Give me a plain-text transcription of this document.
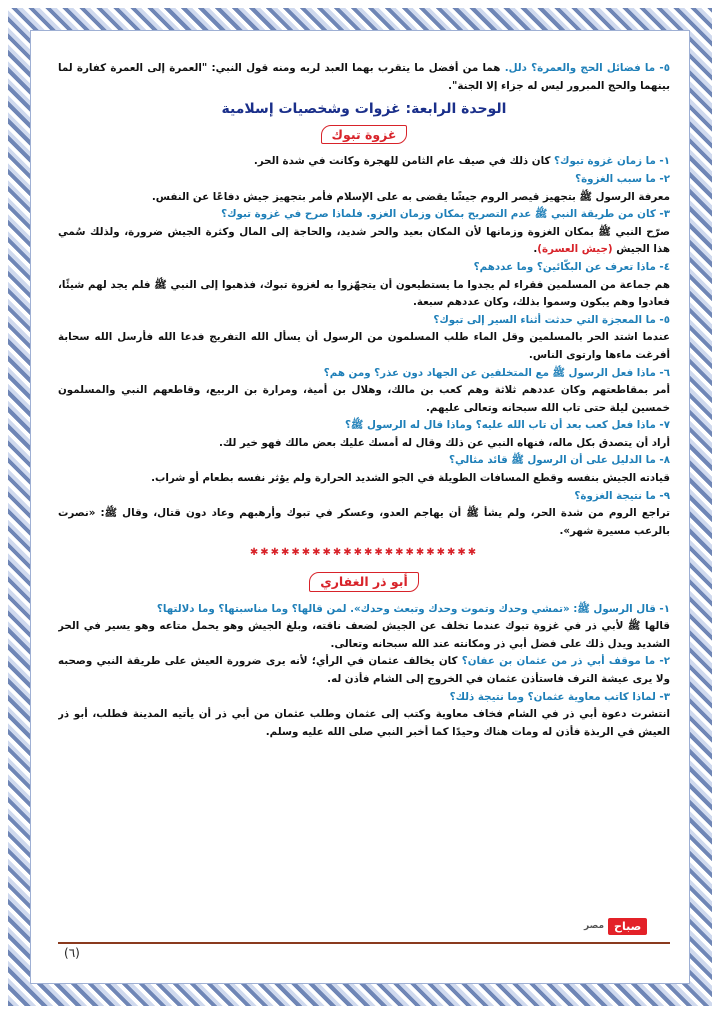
٥- ما فضائل الحج والعمرة؟ دلل. هما من أفضل ما يتقرب بهما العبد لربه ومنه قول النبي: "العمرة إلى العمرة كفارة لما بينهما والحج المبرور ليس له جزاء إلا الجنة".

الوحدة الرابعة: غزوات وشخصيات إسلامية
غزوة تبوك

١- ما زمان غزوة تبوك؟ كان ذلك في صيف عام الثامن للهجرة وكانت في شدة الحر.

٢- ما سبب الغزوة؟

معرفة الرسول ﷺ بتجهيز قيصر الروم جيشًا يقضى به على الإسلام فأمر بتجهيز جيش دفاعًا عن النفس.

٣- كان من طريقة النبي ﷺ عدم التصريح بمكان وزمان الغزو. فلماذا صرح في غزوة تبوك؟

صرّح النبي ﷺ بمكان الغزوة وزمانها لأن المكان بعيد والحر شديد، والحاجة إلى المال وكثرة الجيش ضرورة، ولذلك سُمي هذا الجيش (جيش العسرة).

٤- ماذا تعرف عن البكّائين؟ وما عددهم؟

هم جماعة من المسلمين فقراء لم يجدوا ما يستطيعون أن يتجهّزوا به لغزوة تبوك، فذهبوا إلى النبي ﷺ فلم يجد لهم شيئًا، فعادوا وهم يبكون وسموا بذلك، وكان عددهم سبعة.

٥- ما المعجزة التي حدثت أثناء السير إلى تبوك؟

عندما اشتد الحر بالمسلمين وقل الماء طلب المسلمون من الرسول أن يسأل الله التفريج فدعا الله فأرسل الله سحابة أفرغت ماءها وارتوى الناس.

٦- ماذا فعل الرسول ﷺ مع المتخلفين عن الجهاد دون عذر؟ ومن هم؟

أمر بمقاطعتهم وكان عددهم ثلاثة وهم كعب بن مالك، وهلال بن أمية، ومرارة بن الربيع، وقاطعهم النبي والمسلمون خمسين ليلة حتى تاب الله سبحانه وتعالى عليهم.

٧- ماذا فعل كعب بعد أن تاب الله عليه؟ وماذا قال له الرسول ﷺ؟

أراد أن يتصدق بكل ماله، فنهاه النبي عن ذلك وقال له أمسك عليك بعض مالك فهو خير لك.

٨- ما الدليل على أن الرسول ﷺ قائد مثالي؟

قيادته الجيش بنفسه وقطع المسافات الطويلة في الجو الشديد الحرارة ولم يؤثر نفسه بطعام أو شراب.

٩- ما نتيجة الغزوة؟

تراجع الروم من شدة الحر، ولم يشأ ﷺ أن يهاجم العدو، وعسكر في تبوك وأرهبهم وعاد دون قتال، وقال ﷺ: «نصرت بالرعب مسيرة شهر».

✱✱✱✱✱✱✱✱✱✱✱✱✱✱✱✱✱✱✱✱✱✱
أبو ذر الغفاري

١- قال الرسول ﷺ: «تمشي وحدك وتموت وحدك وتبعث وحدك». لمن قالها؟ وما مناسبتها؟ وما دلالتها؟

قالها ﷺ لأبي ذر في غزوة تبوك عندما تخلف عن الجيش لضعف ناقته، وبلغ الجيش وهو يحمل متاعه وهو يسير في الحر الشديد ويدل ذلك على فضل أبي ذر ومكانته عند الله سبحانه وتعالى.

٢- ما موقف أبي ذر من عثمان بن عفان؟ كان يخالف عثمان في الرأي؛ لأنه يرى ضرورة العيش على طريقة النبي وصحبه ولا يرى عيشة الترف فاستأذن عثمان في الخروج إلى الشام فأذن له.

٣- لماذا كاتب معاوية عثمان؟ وما نتيجة ذلك؟

انتشرت دعوة أبي ذر في الشام فخاف معاوية وكتب إلى عثمان وطلب عثمان من أبي ذر أن يأتيه المدينة فطلب، أبو ذر العيش في الربذة فأذن له ومات هناك وحيدًا كما أخبر النبي صلى الله عليه وسلم.

صباح
مصر
(٦)
